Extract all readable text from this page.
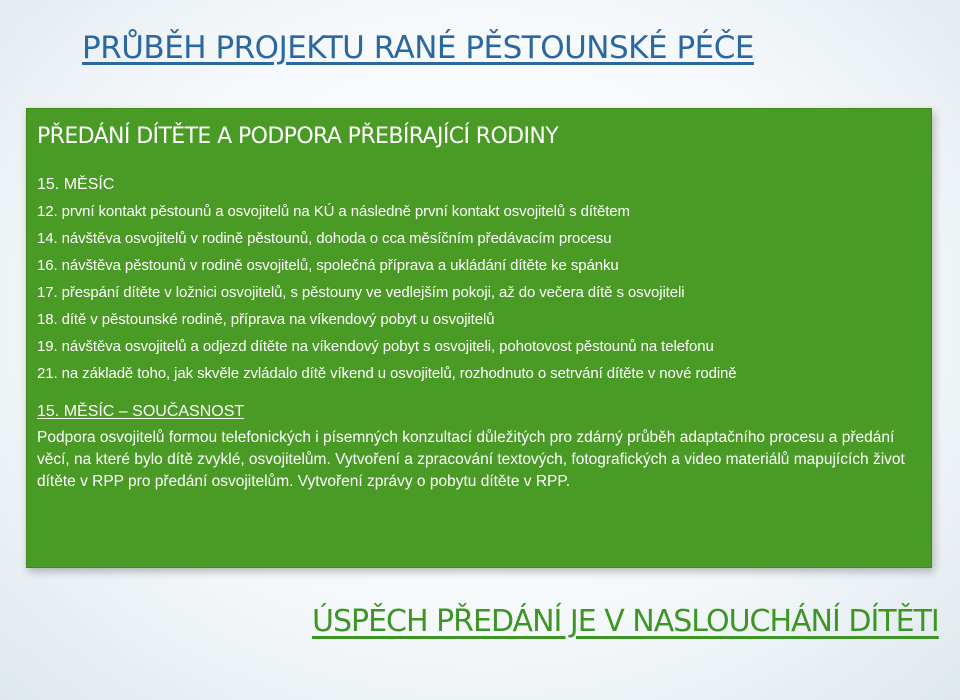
PRŮBĚH PROJEKTU RANÉ PĚSTOUNSKÉ PÉČE
PŘEDÁNÍ DÍTĚTE A PODPORA PŘEBÍRAJÍCÍ RODINY
15. MĚSÍC
12. první kontakt pěstounů a osvojitelů na KÚ a následně první kontakt osvojitelů s dítětem
14. návštěva osvojitelů v rodině pěstounů, dohoda o cca měsíčním předávacím procesu
16. návštěva pěstounů v rodině osvojitelů, společná příprava a ukládání dítěte ke spánku
17. přespání dítěte v ložnici osvojitelů, s pěstouny ve vedlejším pokoji, až do večera dítě s osvojiteli
18. dítě v pěstounské rodině, příprava na víkendový pobyt u osvojitelů
19. návštěva osvojitelů a odjezd dítěte na víkendový pobyt s osvojiteli, pohotovost pěstounů na telefonu
21. na základě toho, jak skvěle zvládalo dítě víkend u osvojitelů, rozhodnuto o setrvání dítěte v nové rodině
15. MĚSÍC – SOUČASNOST

Podpora osvojitelů formou telefonických i písemných konzultací důležitých pro zdárný průběh adaptačního procesu a předání věcí, na které bylo dítě zvyklé, osvojitelům. Vytvoření a zpracování textových, fotografických a video materiálů mapujících život dítěte v RPP pro předání osvojitelům. Vytvoření zprávy o pobytu dítěte v RPP.

ÚSPĚCH PŘEDÁNÍ JE V NASLOUCHÁNÍ DÍTĚTI
